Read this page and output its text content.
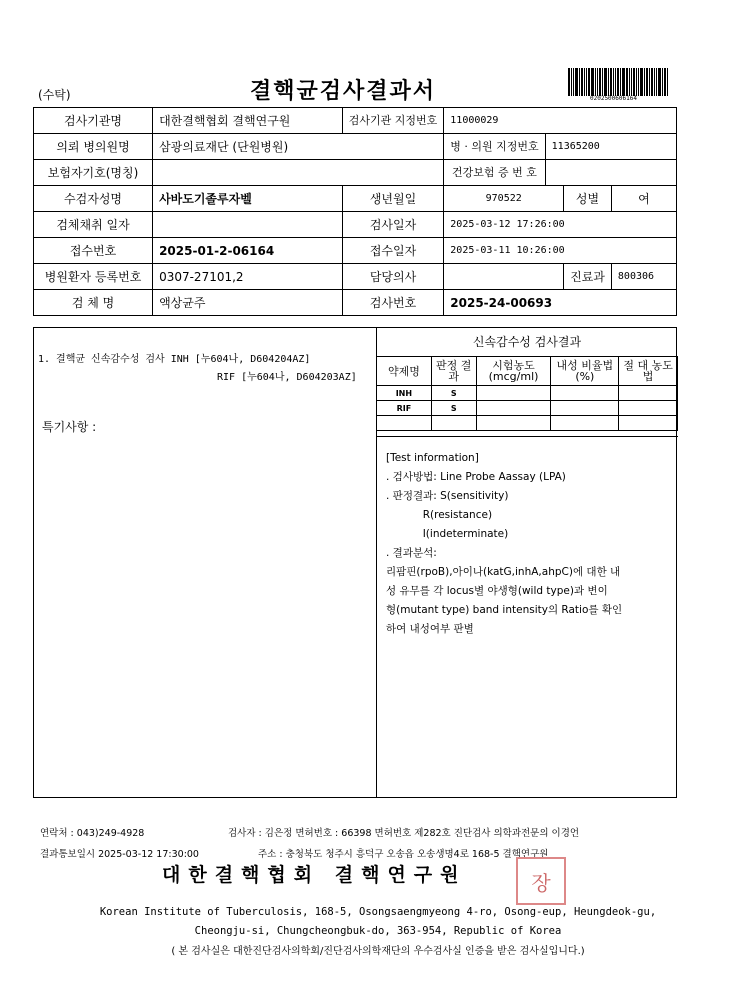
(수탁)	결핵균검사결과서	0202500606164
검사기관명	대한결핵협회 결핵연구원	검사기관 지정번호	11000029			
의뢰 병의원명	삼광의료재단 (단원병원)		병 · 의원 지정번호	11365200		
보험자기호(명칭)			건강보험 증 번 호			
수검자성명	사바도기졸루자벨	생년월일	970522		성별	여
검체채취 일자		검사일자	2025-03-12 17:26:00			
접수번호	2025-01-2-06164	접수일자	2025-03-11 10:26:00			
병원환자 등록번호	0307-27101,2	담당의사			진료과	800306
검 체 명	액상균주	검사번호	2025-24-00693			
1. 결핵균 신속감수성 검사 INH [누604나, D604204AZ]
RIF [누604나, D604203AZ]
특기사항 :
신속감수성 검사결과
약제명	판정 결과	시험농도 (mcg/ml)	내성 비율법(%)	절 대 농도법
INH	S			
RIF	S			

[Test information]
. 검사방법: Line Probe Aassay (LPA)
. 판정결과: S(sensitivity)
R(resistance)
I(indeterminate)
. 결과분석:
리팜핀(rpoB),아이나(katG,inhA,ahpC)에 대한 내
성 유무를 각 locus별 야생형(wild type)과 변이
형(mutant type) band intensity의 Ratio를 확인
하여 내성여부 판별
연락처 : 043)249-4928	검사자 : 김은정 면허번호 : 66398 면허번호 제282호 진단검사 의학과전문의 이경언
결과통보일시 2025-03-12 17:30:00	주소 : 충청북도 청주시 흥덕구 오송읍 오송생명4로 168-5 결핵연구원
대한결핵협회 결핵연구원	장
Korean Institute of Tuberculosis, 168-5, Osongsaengmyeong 4-ro, Osong-eup, Heungdeok-gu,
Cheongju-si, Chungcheongbuk-do, 363-954, Republic of Korea
( 본 검사실은 대한진단검사의학회/진단검사의학재단의 우수검사실 인증을 받은 검사실입니다.)
